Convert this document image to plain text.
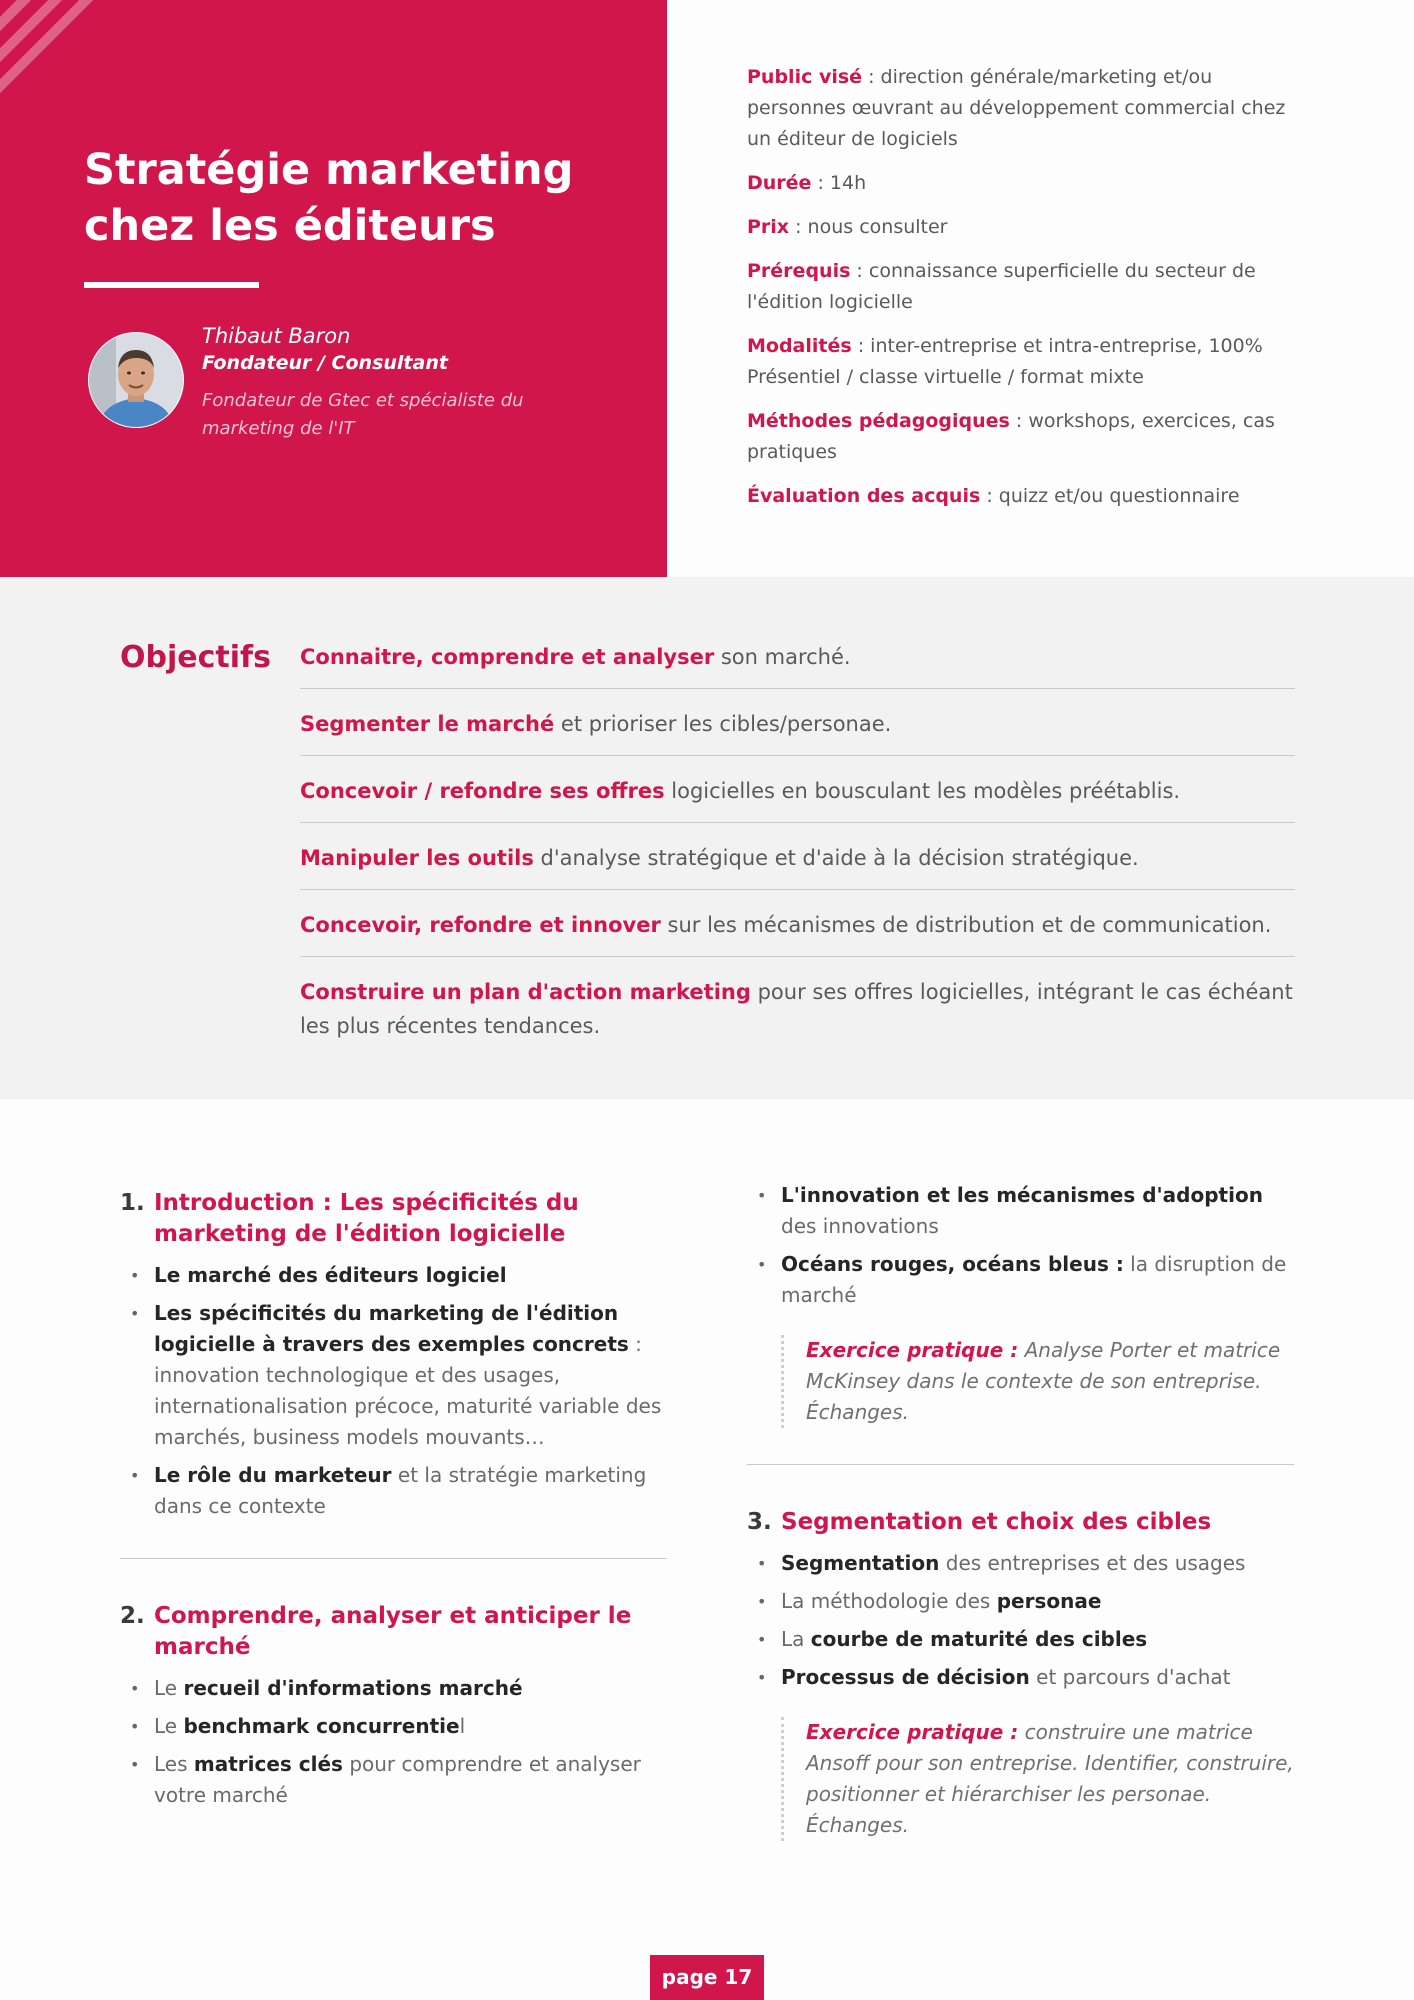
Stratégie marketing
chez les éditeurs
Thibaut Baron
Fondateur / Consultant
Fondateur de Gtec et spécialiste du marketing de l'IT
Public visé : direction générale/marketing et/ou personnes œuvrant au développement commercial chez un éditeur de logiciels
Durée : 14h
Prix : nous consulter
Prérequis : connaissance superficielle du secteur de l'édition logicielle
Modalités : inter-entreprise et intra-entreprise, 100% Présentiel / classe virtuelle / format mixte
Méthodes pédagogiques : workshops, exercices, cas pratiques
Évaluation des acquis : quizz et/ou questionnaire
Objectifs Connaitre, comprendre et analyser son marché.
Segmenter le marché et prioriser les cibles/personae.
Concevoir / refondre ses offres logicielles en bousculant les modèles préétablis.
Manipuler les outils d'analyse stratégique et d'aide à la décision stratégique.
Concevoir, refondre et innover sur les mécanismes de distribution et de communication.
Construire un plan d'action marketing pour ses offres logicielles, intégrant le cas échéant les plus récentes tendances.
1. Introduction : Les spécificités du marketing de l'édition logicielle
• Le marché des éditeurs logiciel
• Les spécificités du marketing de l'édition logicielle à travers des exemples concrets : innovation technologique et des usages, internationalisation précoce, maturité variable des marchés, business models mouvants…
• Le rôle du marketeur et la stratégie marketing dans ce contexte
2. Comprendre, analyser et anticiper le marché
• Le recueil d'informations marché
• Le benchmark concurrentiel
• Les matrices clés pour comprendre et analyser votre marché
• L'innovation et les mécanismes d'adoption des innovations
• Océans rouges, océans bleus : la disruption de marché
Exercice pratique : Analyse Porter et matrice McKinsey dans le contexte de son entreprise. Échanges.
3. Segmentation et choix des cibles
• Segmentation des entreprises et des usages
• La méthodologie des personae
• La courbe de maturité des cibles
• Processus de décision et parcours d'achat
Exercice pratique : construire une matrice Ansoff pour son entreprise. Identifier, construire, positionner et hiérarchiser les personae. Échanges.
page 17
